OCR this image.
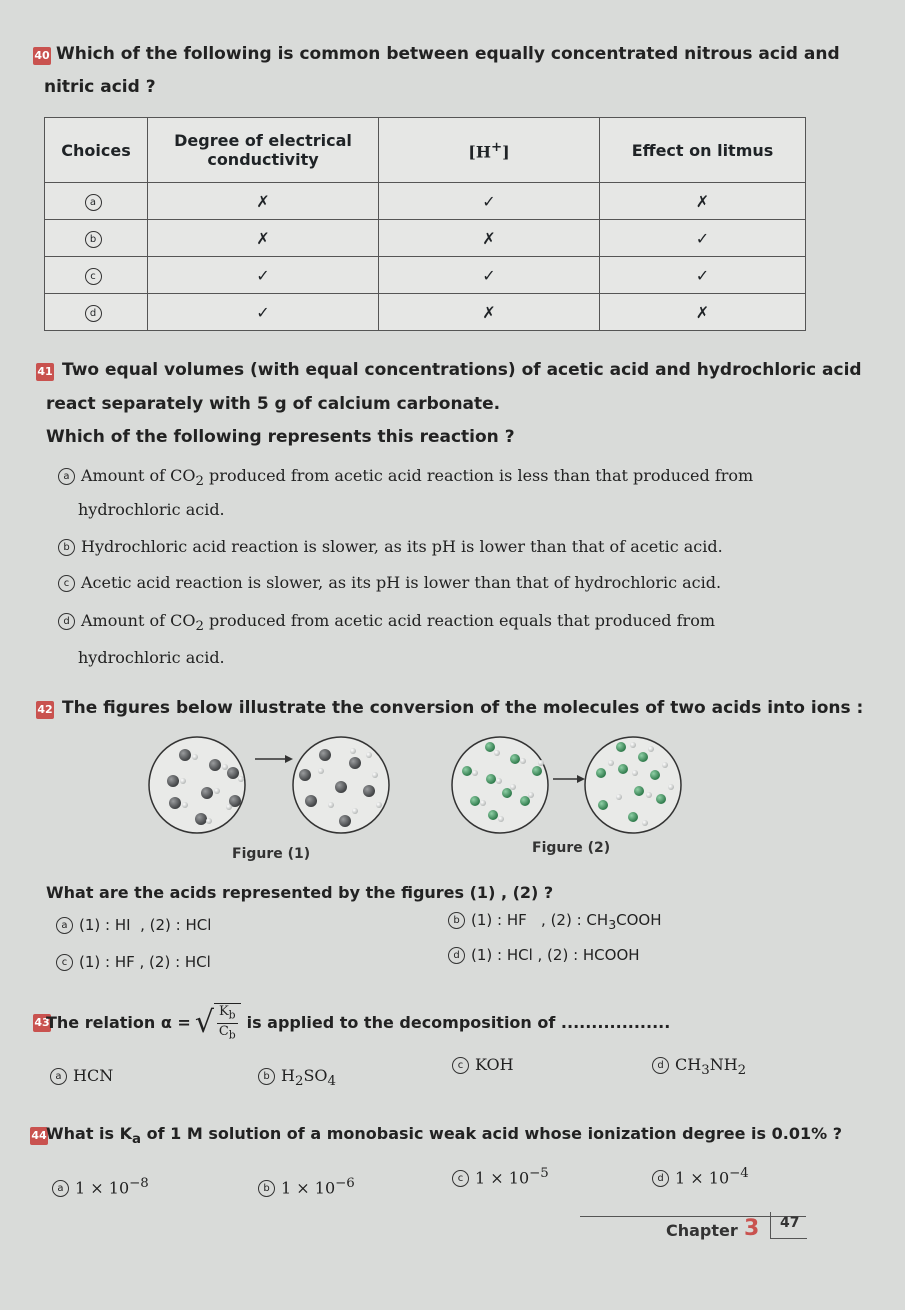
40 Which of the following is common between equally concentrated nitrous acid and
nitric acid ?
Choices	Degree of electrical
conductivity	[H+]	Effect on litmus
a	✗	✓	✗
b	✗	✗	✓
c	✓	✓	✓
d	✓	✗	✗
41 Two equal volumes (with equal concentrations) of acetic acid and hydrochloric acid
react separately with 5 g of calcium carbonate.
Which of the following represents this reaction ?
a Amount of $CO_2$ produced from acetic acid reaction is less than that produced from
hydrochloric acid.
b Hydrochloric acid reaction is slower, as its pH is lower than that of acetic acid.
c Acetic acid reaction is slower, as its pH is lower than that of hydrochloric acid.
d Amount of $CO_2$ produced from acetic acid reaction equals that produced from
hydrochloric acid.
42 The figures below illustrate the conversion of the molecules of two acids into ions :
Figure (1)	Figure (2)
What are the acids represented by the figures (1) , (2) ?
a (1) : HI  , (2) : HCl	b (1) : HF   , (2) : $CH_3COOH$
c (1) : HF , (2) : HCl	d (1) : HCl , (2) : HCOOH
43
The relation α = √ $\frac{K_b}{C_b}$ is applied to the decomposition of ..................
a HCN	b $H_2SO_4$
c KOH	d $CH_3NH_2$
44 What is $K_a$ of 1 M solution of a monobasic weak acid whose ionization degree is 0.01% ?
a $1 \times 10^{-8}$	b $1 \times 10^{-6}$	c $1 \times 10^{-5}$	d $1 \times 10^{-4}$
Chapter 3 47
